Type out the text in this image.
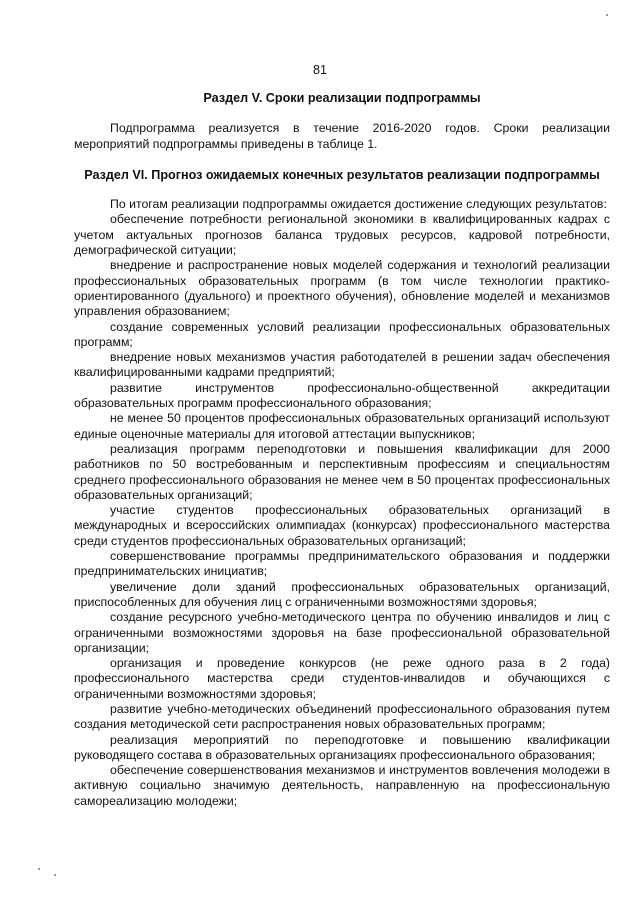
81
Раздел V. Сроки реализации подпрограммы

Подпрограмма реализуется в течение 2016-2020 годов. Сроки реализации мероприятий подпрограммы приведены в таблице 1.

Раздел VI. Прогноз ожидаемых конечных результатов реализации подпрограммы

По итогам реализации подпрограммы ожидается достижение следующих результатов:

обеспечение потребности региональной экономики в квалифицированных кадрах с учетом актуальных прогнозов баланса трудовых ресурсов, кадровой потребности, демографической ситуации;
внедрение и распространение новых моделей содержания и технологий реализации профессиональных образовательных программ (в том числе технологии практико-ориентированного (дуального) и проектного обучения), обновление моделей и механизмов управления образованием;
создание современных условий реализации профессиональных образовательных программ;
внедрение новых механизмов участия работодателей в решении задач обеспечения квалифицированными кадрами предприятий;
развитие инструментов профессионально-общественной аккредитации образовательных программ профессионального образования;
не менее 50 процентов профессиональных образовательных организаций используют единые оценочные материалы для итоговой аттестации выпускников;
реализация программ переподготовки и повышения квалификации для 2000 работников по 50 востребованным и перспективным профессиям и специальностям среднего профессионального образования не менее чем в 50 процентах профессиональных образовательных организаций;
участие студентов профессиональных образовательных организаций в международных и всероссийских олимпиадах (конкурсах) профессионального мастерства среди студентов профессиональных образовательных организаций;
совершенствование программы предпринимательского образования и поддержки предпринимательских инициатив;
увеличение доли зданий профессиональных образовательных организаций, приспособленных для обучения лиц с ограниченными возможностями здоровья;
создание ресурсного учебно-методического центра по обучению инвалидов и лиц с ограниченными возможностями здоровья на базе профессиональной образовательной организации;
организация и проведение конкурсов (не реже одного раза в 2 года) профессионального мастерства среди студентов-инвалидов и обучающихся с ограниченными возможностями здоровья;
развитие учебно-методических объединений профессионального образования путем создания методической сети распространения новых образовательных программ;
реализация мероприятий по переподготовке и повышению квалификации руководящего состава в образовательных организациях профессионального образования;
обеспечение совершенствования механизмов и инструментов вовлечения молодежи в активную социально значимую деятельность, направленную на профессиональную самореализацию молодежи;
